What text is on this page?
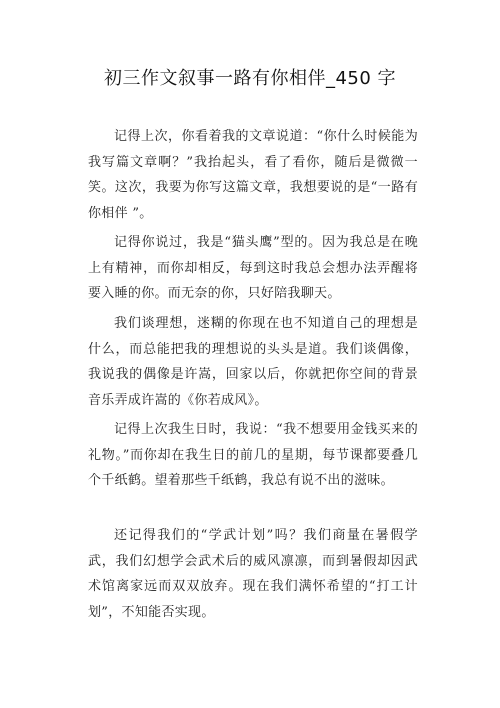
初三作文叙事一路有你相伴_450 字

记得上次，你看着我的文章说道：“你什么时候能为我写篇文章啊？”我抬起头，看了看你，随后是微微一笑。这次，我要为你写这篇文章，我想要说的是“一路有你相伴 ”。

记得你说过，我是“猫头鹰”型的。因为我总是在晚上有精神，而你却相反，每到这时我总会想办法弄醒将要入睡的你。而无奈的你，只好陪我聊天。

我们谈理想，迷糊的你现在也不知道自己的理想是什么，而总能把我的理想说的头头是道。我们谈偶像，我说我的偶像是许嵩，回家以后，你就把你空间的背景音乐弄成许嵩的《你若成风》。

记得上次我生日时，我说：“我不想要用金钱买来的礼物。”而你却在我生日的前几的星期，每节课都要叠几个千纸鹤。望着那些千纸鹤，我总有说不出的滋味。

还记得我们的“学武计划”吗？我们商量在暑假学武，我们幻想学会武术后的威风凛凛，而到暑假却因武术馆离家远而双双放弃。现在我们满怀希望的“打工计划”，不知能否实现。
